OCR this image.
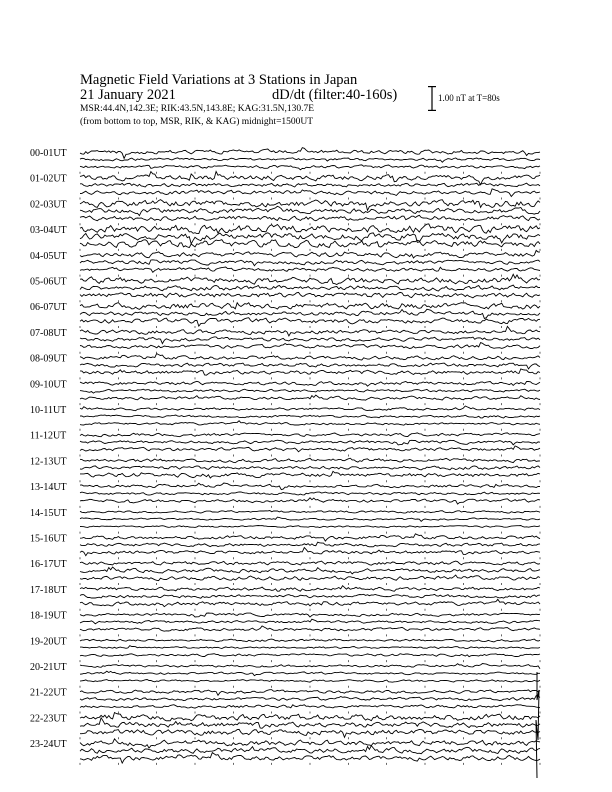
Magnetic Field Variations at 3 Stations in Japan
21 January 2021	dD/dt (filter:40-160s)
MSR:44.4N,142.3E; RIK:43.5N,143.8E; KAG:31.5N,130.7E
(from bottom to top, MSR, RIK, & KAG) midnight=1500UT
1.00 nT at T=80s
00-01UT
01-02UT
02-03UT
03-04UT
04-05UT
05-06UT
06-07UT
07-08UT
08-09UT
09-10UT
10-11UT
11-12UT
12-13UT
13-14UT
14-15UT
15-16UT
16-17UT
17-18UT
18-19UT
19-20UT
20-21UT
21-22UT
22-23UT
23-24UT
